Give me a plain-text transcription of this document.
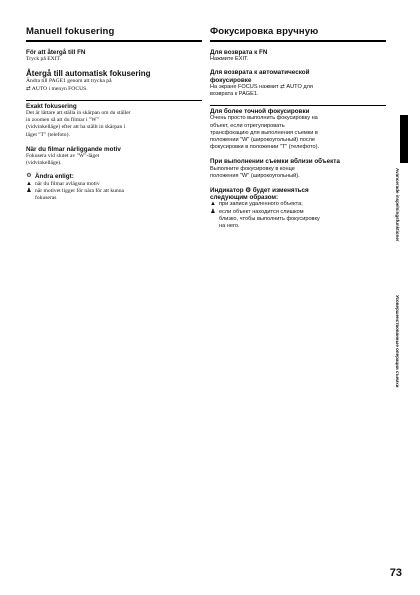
Manuell fokusering
För att återgå till FN
Tryck på EXIT.
Återgå till automatisk fokusering
Ändra till PAGE1 genom att trycka på
⇄ AUTO i menyn FOCUS.
Exakt fokusering
Det är lättare att ställa in skärpan om du ställer
in zoomen så att du filmar i "W"
(vidvinkelläge) efter att ha ställt in skärpan i
läget "T" (telefoto).
När du filmar närliggande motiv
Fokusera vid slutet av "W"-läget
(vidvinkelläge).
⚙ Ändra enligt:
▲ när du filmar avlägsna motiv
♟ när motivet ligger för nära för att kunna
fokuseras
Фокусировка вручную
Для возврата к FN
Нажмите EXIT.
Для возврата к автоматической
фокусировке
На экране FOCUS нажмит ⇄ AUTO для
возврата к PAGE1.
Для более точной фокусировки
Очень просто выполнить фокусировку на
объект, если отрегулировать
трансфокацию для выполнения съемки в
положении "W" (широкоугольный) после
фокусировки в положении "T" (телефото).
При выполнении съемки вблизи объекта
Выполните фокусировку в конце
положения "W" (широкоугольный).
Индикатор ⚙ будет изменяться
следующим образом:
▲ при записи удаленного объекта;
♟ если объект находится слишком
близко, чтобы выполнить фокусировку
на него.	Avancerade inspelningsfunktioner
Усовершенствованные операции съемки
73
